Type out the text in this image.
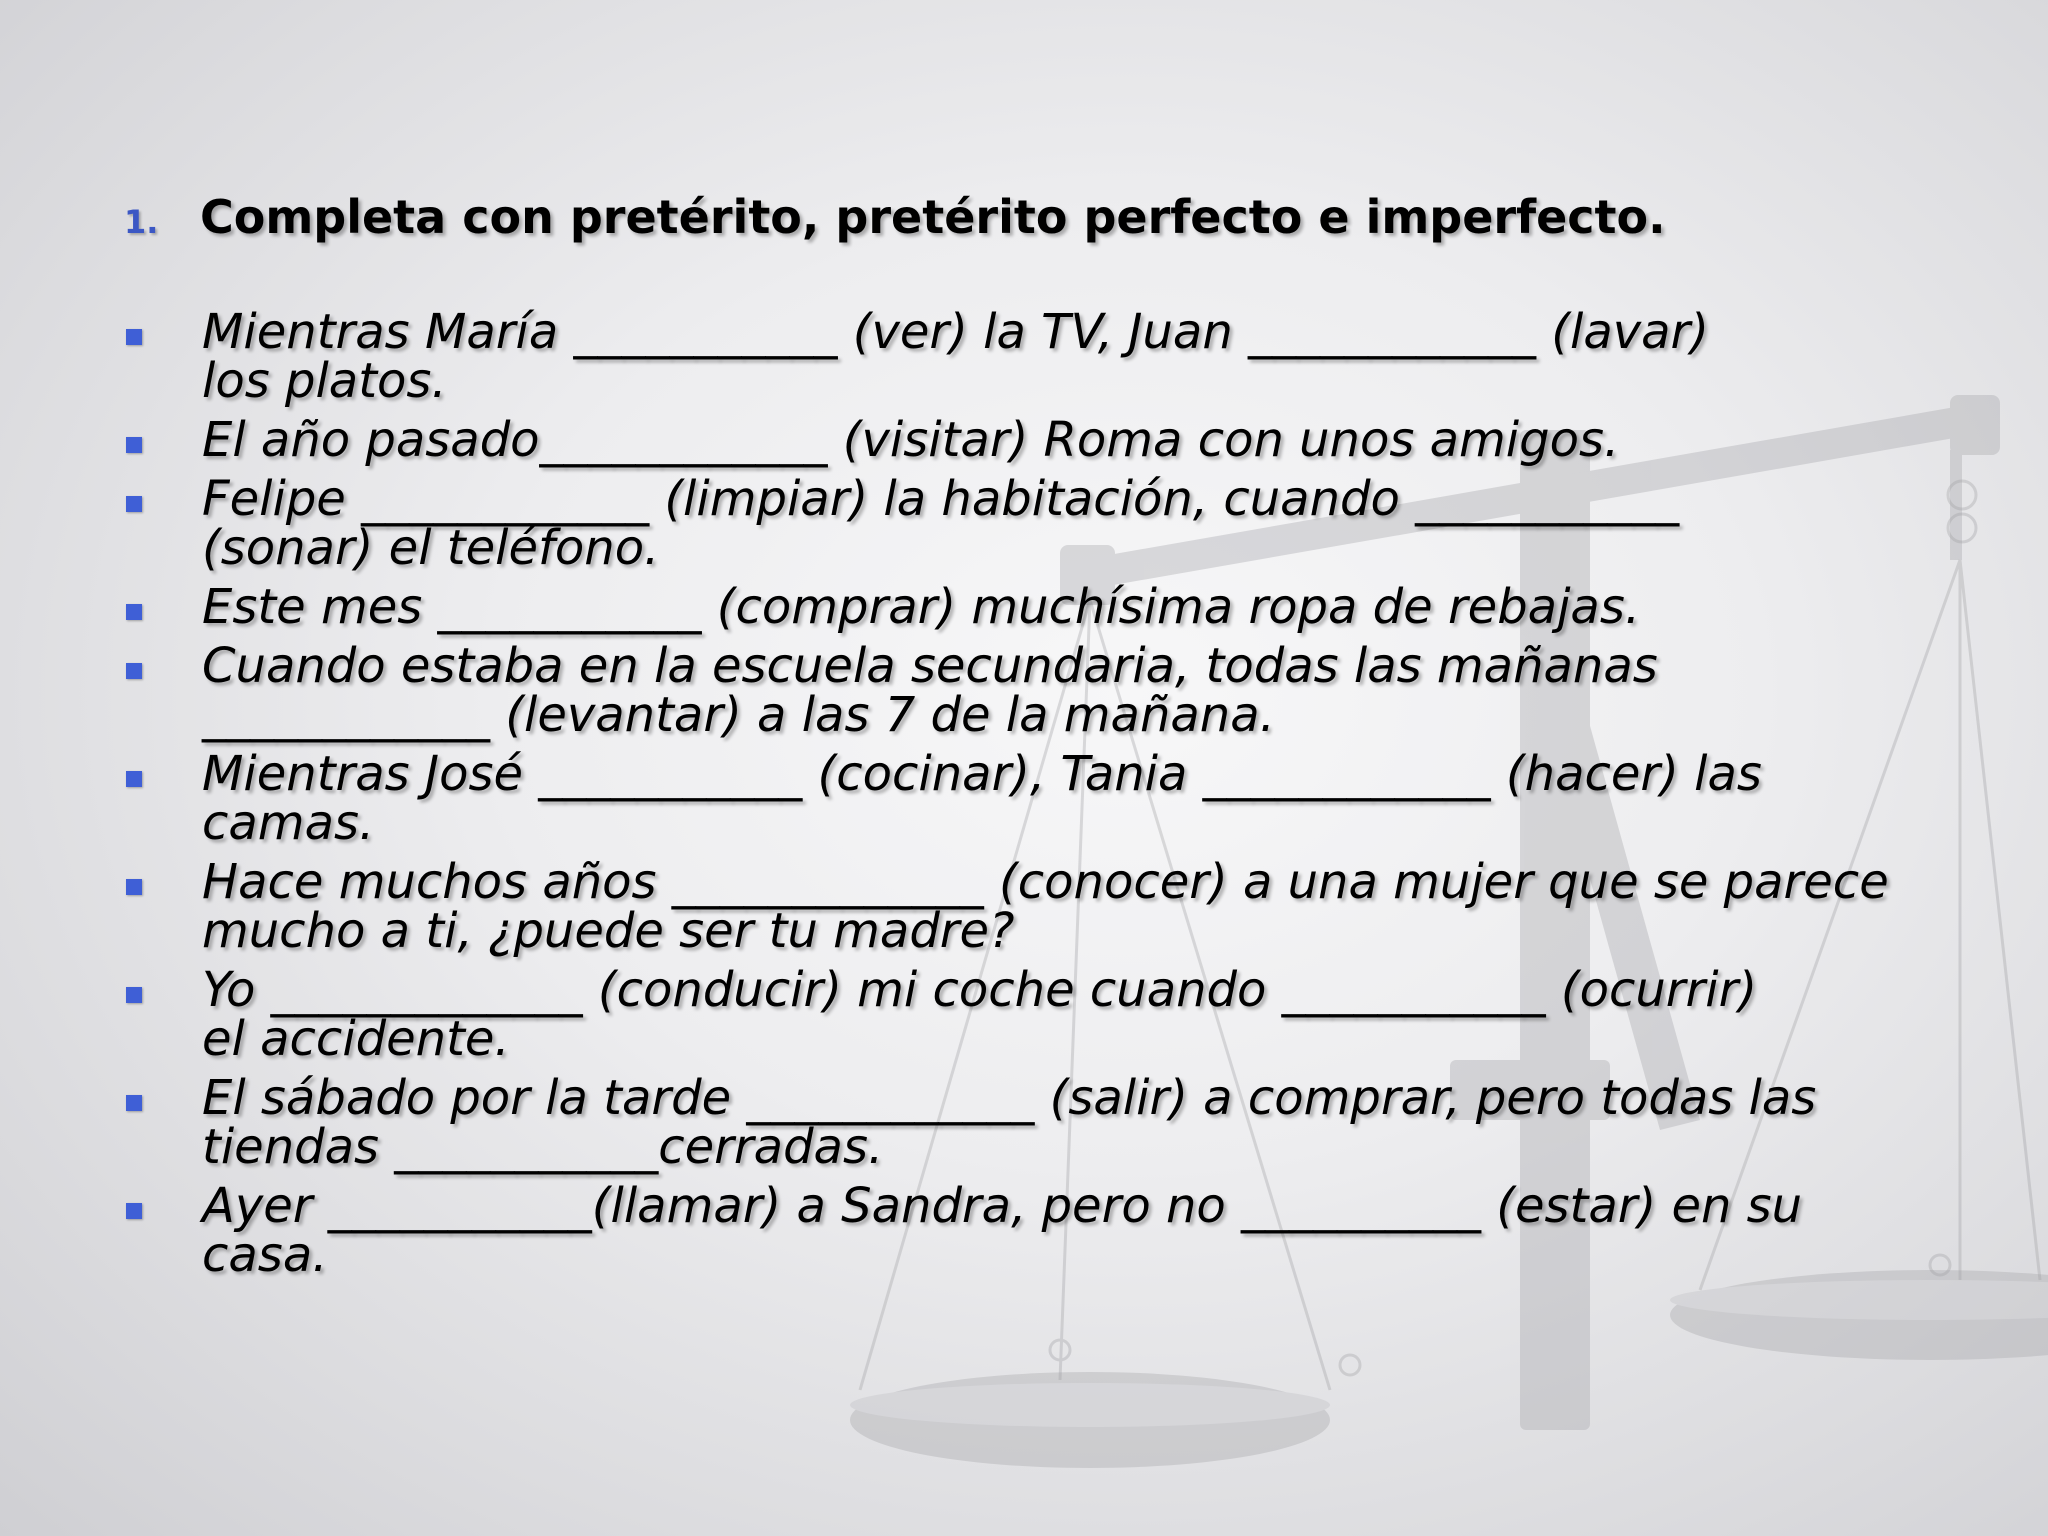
1. Completa con pretérito, pretérito perfecto e imperfecto.
Mientras María ___________ (ver) la TV, Juan ____________ (lavar)
los platos.
El año pasado____________ (visitar) Roma con unos amigos.
Felipe ____________ (limpiar) la habitación, cuando ___________
(sonar) el teléfono.
Este mes ___________ (comprar) muchísima ropa de rebajas.
Cuando estaba en la escuela secundaria, todas las mañanas
____________ (levantar) a las 7 de la mañana.
Mientras José ___________ (cocinar), Tania ____________ (hacer) las
camas.
Hace muchos años _____________ (conocer) a una mujer que se parece
mucho a ti, ¿puede ser tu madre?
Yo _____________ (conducir) mi coche cuando ___________ (ocurrir)
el accidente.
El sábado por la tarde ____________ (salir) a comprar, pero todas las
tiendas ___________cerradas.
Ayer ___________(llamar) a Sandra, pero no __________ (estar) en su
casa.
